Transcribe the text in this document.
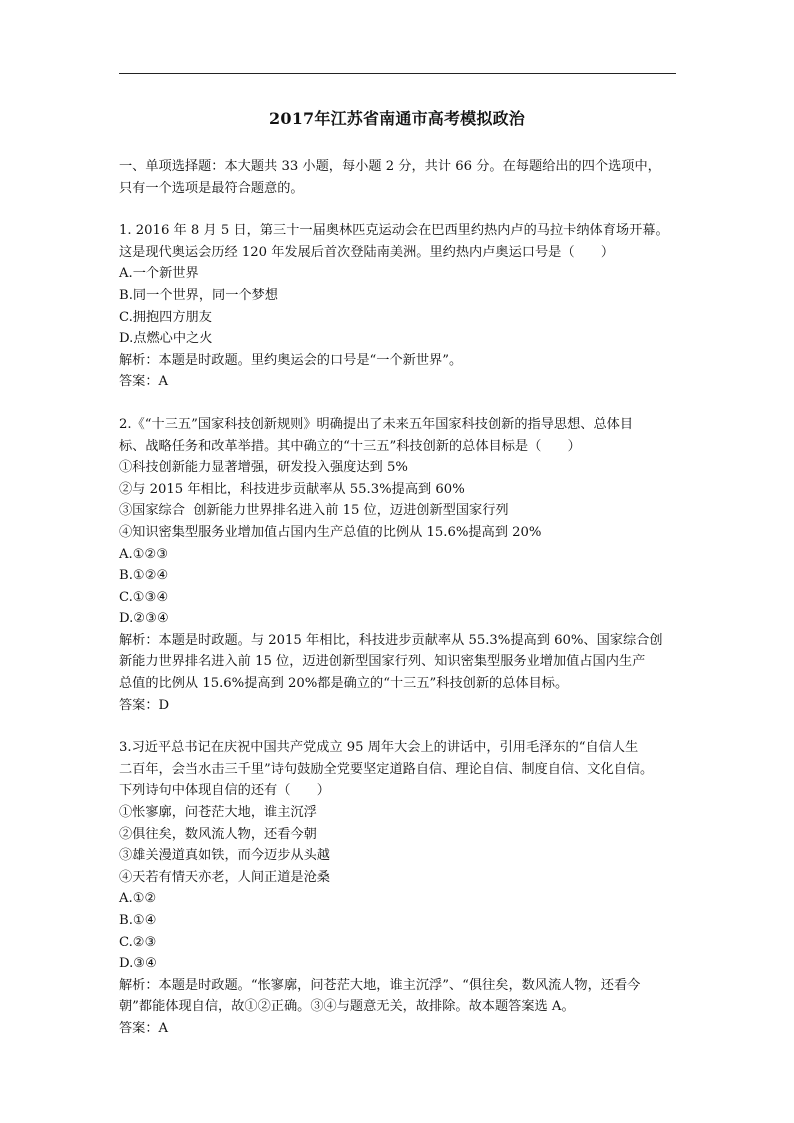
2017年江苏省南通市高考模拟政治

一、单项选择题：本大题共 33 小题，每小题 2 分，共计 66 分。在每题给出的四个选项中，

只有一个选项是最符合题意的。

1. 2016 年 8 月 5 日，第三十一届奥林匹克运动会在巴西里约热内卢的马拉卡纳体育场开幕。

这是现代奥运会历经 120 年发展后首次登陆南美洲。里约热内卢奥运口号是（　　）

A.一个新世界

B.同一个世界，同一个梦想

C.拥抱四方朋友

D.点燃心中之火

解析：本题是时政题。里约奥运会的口号是“一个新世界”。

答案：A

2.《“十三五”国家科技创新规则》明确提出了未来五年国家科技创新的指导思想、总体目

标、战略任务和改革举措。其中确立的“十三五”科技创新的总体目标是（　　）

①科技创新能力显著增强，研发投入强度达到 5%

②与 2015 年相比，科技进步贡献率从 55.3%提高到 60%

③国家综合  创新能力世界排名进入前 15 位，迈进创新型国家行列

④知识密集型服务业增加值占国内生产总值的比例从 15.6%提高到 20%

A.①②③

B.①②④

C.①③④

D.②③④

解析：本题是时政题。与 2015 年相比，科技进步贡献率从 55.3%提高到 60%、国家综合创

新能力世界排名进入前 15 位，迈进创新型国家行列、知识密集型服务业增加值占国内生产

总值的比例从 15.6%提高到 20%都是确立的“十三五”科技创新的总体目标。

答案：D

3.习近平总书记在庆祝中国共产党成立 95 周年大会上的讲话中，引用毛泽东的“自信人生

二百年，会当水击三千里”诗句鼓励全党要坚定道路自信、理论自信、制度自信、文化自信。

下列诗句中体现自信的还有（　　）

①怅寥廓，问苍茫大地，谁主沉浮

②俱往矣，数风流人物，还看今朝

③雄关漫道真如铁，而今迈步从头越

④天若有情天亦老，人间正道是沧桑

A.①②

B.①④

C.②③

D.③④

解析：本题是时政题。“怅寥廓，问苍茫大地，谁主沉浮”、“俱往矣，数风流人物，还看今

朝”都能体现自信，故①②正确。③④与题意无关，故排除。故本题答案选 A。

答案：A
